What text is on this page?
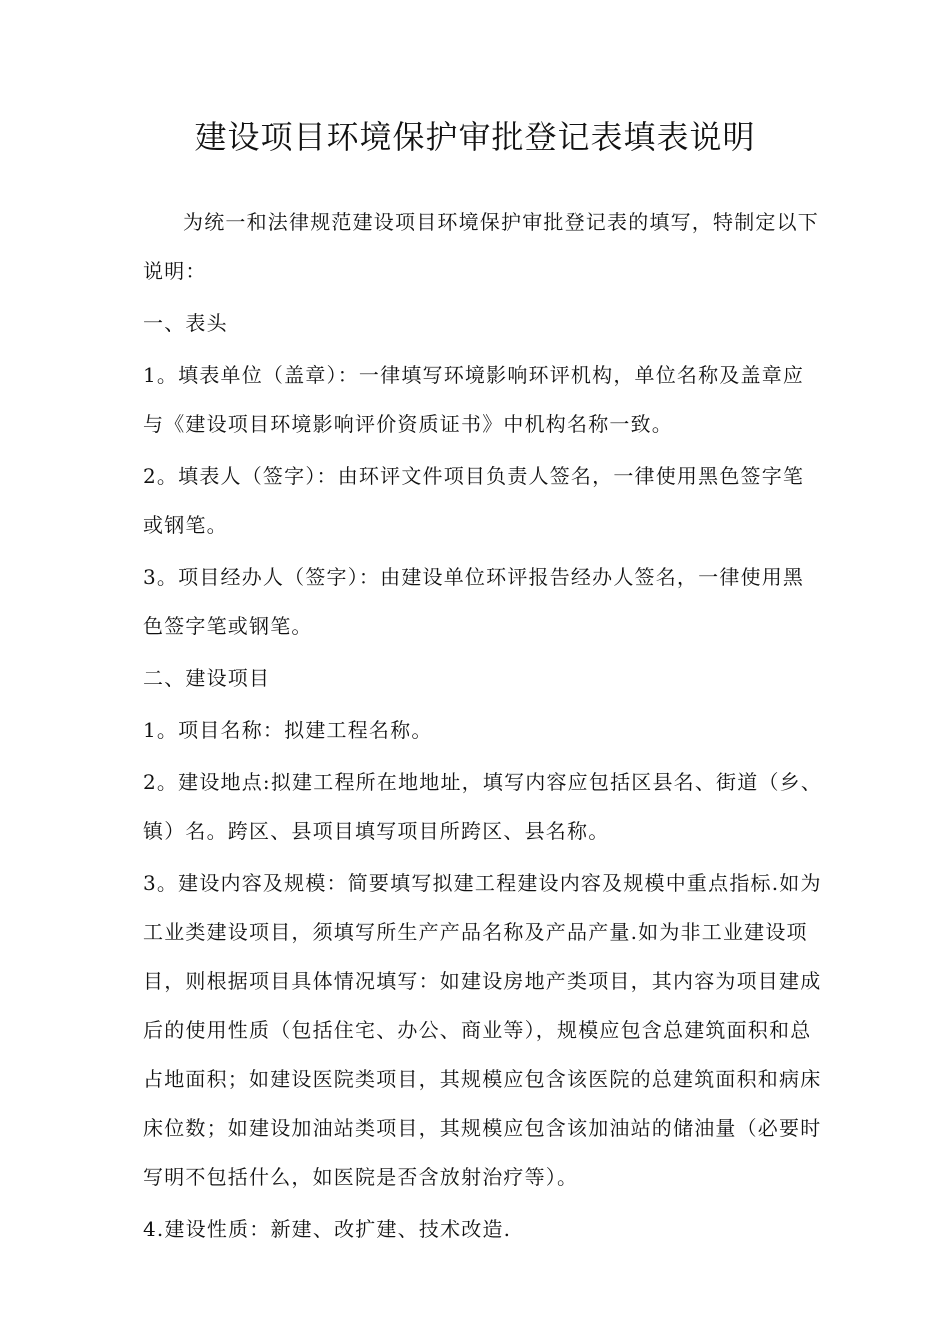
建设项目环境保护审批登记表填表说明

为统一和法律规范建设项目环境保护审批登记表的填写，特制定以下说明：

一、表头

1。填表单位（盖章）：一律填写环境影响环评机构，单位名称及盖章应与《建设项目环境影响评价资质证书》中机构名称一致。

2。填表人（签字）：由环评文件项目负责人签名，一律使用黑色签字笔或钢笔。

3。项目经办人（签字）：由建设单位环评报告经办人签名，一律使用黑色签字笔或钢笔。

二、建设项目

1。项目名称：拟建工程名称。

2。建设地点:拟建工程所在地地址，填写内容应包括区县名、街道（乡、镇）名。跨区、县项目填写项目所跨区、县名称。

3。建设内容及规模：简要填写拟建工程建设内容及规模中重点指标.如为工业类建设项目，须填写所生产产品名称及产品产量.如为非工业建设项目，则根据项目具体情况填写：如建设房地产类项目，其内容为项目建成后的使用性质（包括住宅、办公、商业等），规模应包含总建筑面积和总占地面积；如建设医院类项目，其规模应包含该医院的总建筑面积和病床床位数；如建设加油站类项目，其规模应包含该加油站的储油量（必要时写明不包括什么，如医院是否含放射治疗等）。

4.建设性质：新建、改扩建、技术改造.
